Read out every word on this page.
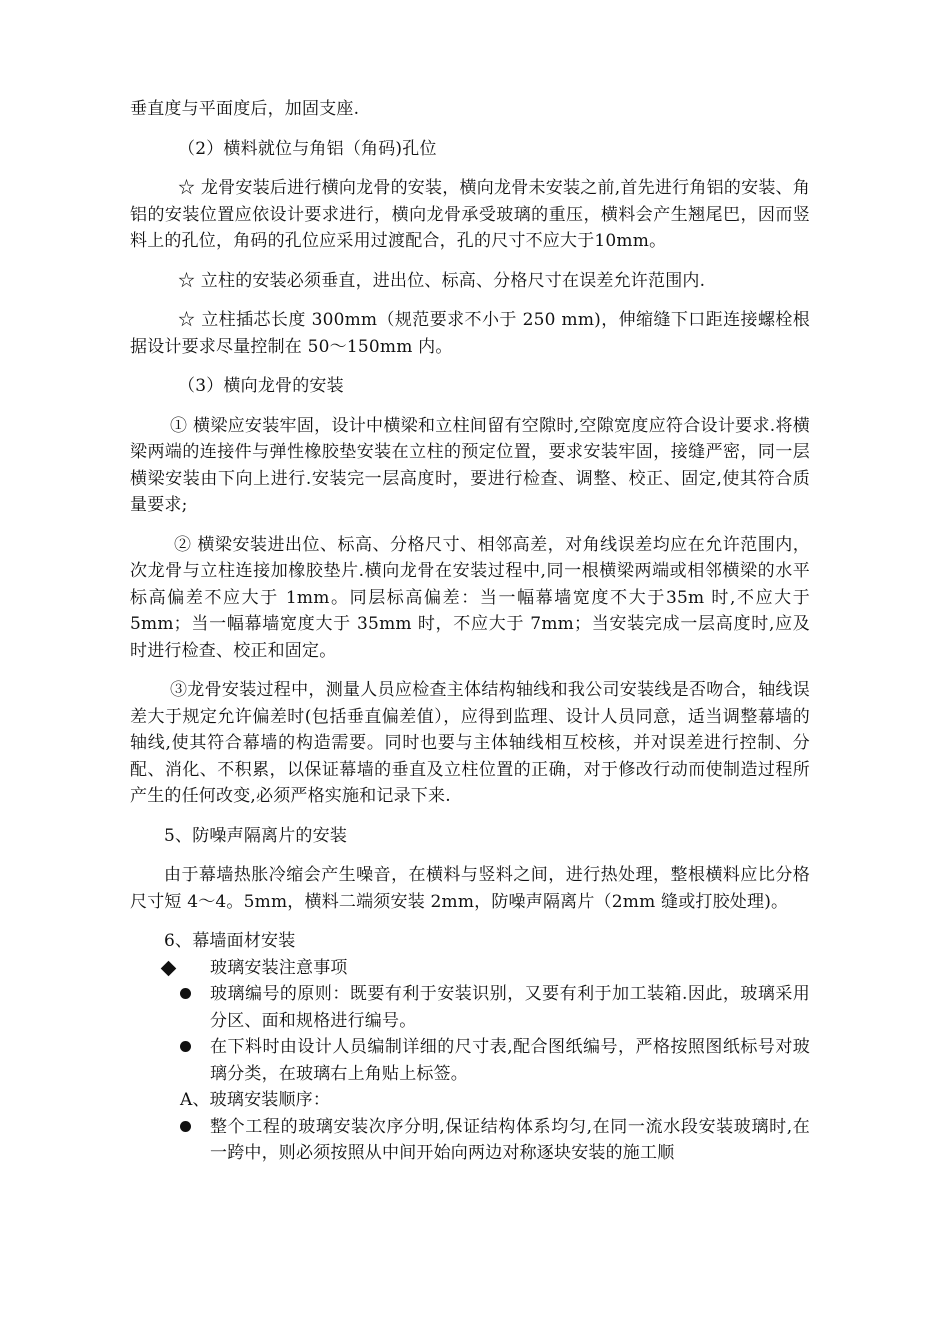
垂直度与平面度后，加固支座.

（2）横料就位与角铝（角码)孔位

☆ 龙骨安装后进行横向龙骨的安装，横向龙骨未安装之前,首先进行角铝的安装、角铝的安装位置应依设计要求进行，横向龙骨承受玻璃的重压，横料会产生翘尾巴，因而竖料上的孔位，角码的孔位应采用过渡配合，孔的尺寸不应大于10mm。

☆ 立柱的安装必须垂直，进出位、标高、分格尺寸在误差允许范围内.

☆ 立柱插芯长度 300mm（规范要求不小于 250 mm)，伸缩缝下口距连接螺栓根据设计要求尽量控制在 50～150mm 内。

（3）横向龙骨的安装

① 横梁应安装牢固，设计中横梁和立柱间留有空隙时,空隙宽度应符合设计要求.将横梁两端的连接件与弹性橡胶垫安装在立柱的预定位置，要求安装牢固，接缝严密，同一层横梁安装由下向上进行.安装完一层高度时，要进行检查、调整、校正、固定,使其符合质量要求;

② 横梁安装进出位、标高、分格尺寸、相邻高差，对角线误差均应在允许范围内，次龙骨与立柱连接加橡胶垫片.横向龙骨在安装过程中,同一根横梁两端或相邻横梁的水平标高偏差不应大于 1mm。同层标高偏差：当一幅幕墙宽度不大于35m 时,不应大于 5mm；当一幅幕墙宽度大于 35mm 时，不应大于 7mm；当安装完成一层高度时,应及时进行检查、校正和固定。

③龙骨安装过程中，测量人员应检查主体结构轴线和我公司安装线是否吻合，轴线误差大于规定允许偏差时(包括垂直偏差值），应得到监理、设计人员同意，适当调整幕墙的轴线,使其符合幕墙的构造需要。同时也要与主体轴线相互校核，并对误差进行控制、分配、消化、不积累，以保证幕墙的垂直及立柱位置的正确，对于修改行动而使制造过程所产生的任何改变,必须严格实施和记录下来.

5、防噪声隔离片的安装

由于幕墙热胀冷缩会产生噪音，在横料与竖料之间，进行热处理，整根横料应比分格尺寸短 4～4。5mm，横料二端须安装 2mm，防噪声隔离片（2mm 缝或打胶处理)。

6、幕墙面材安装

玻璃安装注意事项
玻璃编号的原则：既要有利于安装识别，又要有利于加工装箱.因此，玻璃采用分区、面和规格进行编号。
在下料时由设计人员编制详细的尺寸表,配合图纸编号，严格按照图纸标号对玻璃分类，在玻璃右上角贴上标签。

A、玻璃安装顺序：

整个工程的玻璃安装次序分明,保证结构体系均匀,在同一流水段安装玻璃时,在一跨中，则必须按照从中间开始向两边对称逐块安装的施工顺
